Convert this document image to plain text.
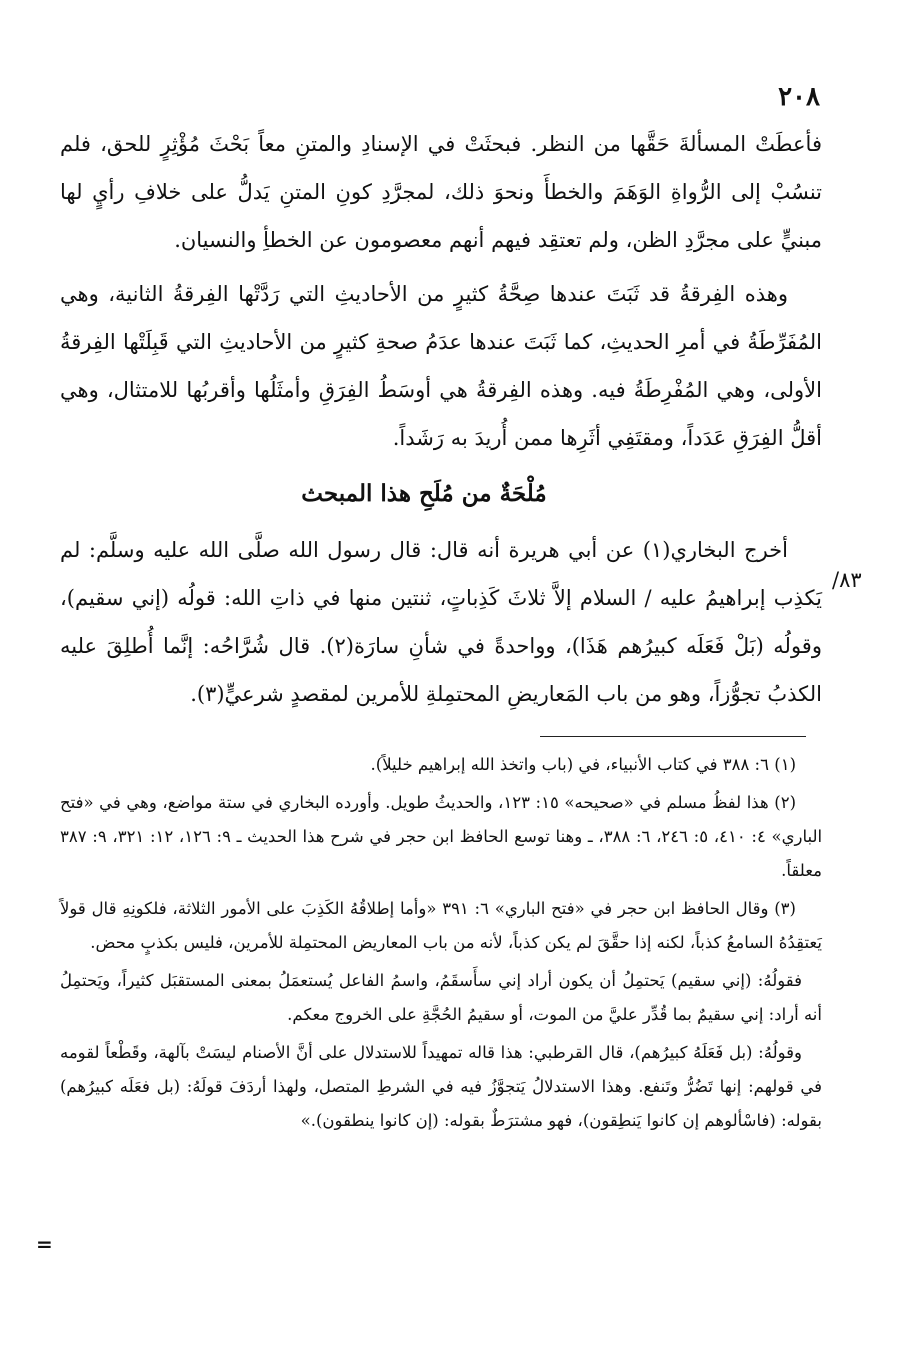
٢٠٨

فأعطَتْ المسألةَ حَقَّها من النظر. فبحثَتْ في الإسنادِ والمتنِ معاً بَحْثَ مُؤْثِرٍ للحق، فلم تنسُبْ إلى الرُّواةِ الوَهَمَ والخطأَ ونحوَ ذلك، لمجرَّدِ كونِ المتنِ يَدلُّ على خلافِ رأيٍ لها مبنيٍّ على مجرَّدِ الظن، ولم تعتقِد فيهم أنهم معصومون عن الخطأِ والنسيان.

وهذه الفِرقةُ قد ثَبَتَ عندها صِحَّةُ كثيرٍ من الأحاديثِ التي رَدَّتْها الفِرقةُ الثانية، وهي المُفَرِّطَةُ في أمرِ الحديثِ، كما ثَبَتَ عندها عدَمُ صحةِ كثيرٍ من الأحاديثِ التي قَبِلَتْها الفِرقةُ الأولى، وهي المُفْرِطَةُ فيه. وهذه الفِرقةُ هي أوسَطُ الفِرَقِ وأمثَلُها وأقربُها للامتثال، وهي أقلُّ الفِرَقِ عَدَداً، ومقتَفِي أثَرِها ممن أُريدَ به رَشَداً.

مُلْحَةٌ من مُلَحِ هذا المبحث

أخرج البخاري(١) عن أبي هريرة أنه قال: قال رسول الله صلَّى الله عليه وسلَّم: لم يَكذِب إبراهيمُ عليه / السلام إلاَّ ثلاثَ كَذِباتٍ، ثنتين منها في ذاتِ الله: قولُه (إني سقيم)، وقولُه (بَلْ فَعَلَه كبيرُهم هَذَا)، وواحدةً في شأنِ سارَة(٢). قال شُرَّاحُه: إنَّما أُطلِقَ عليه الكذبُ تجوُّزاً، وهو من باب المَعاريضِ المحتمِلةِ للأمرين لمقصدٍ شرعيٍّ(٣).

٨٣/

(١) ٦: ٣٨٨ في كتاب الأنبياء، في (باب واتخذ الله إبراهيم خليلاً).

(٢) هذا لفظُ مسلم في «صحيحه» ١٥: ١٢٣، والحديثُ طويل. وأورده البخاري في ستة مواضع، وهي في «فتح الباري» ٤: ٤١٠، ٥: ٢٤٦، ٦: ٣٨٨، ـ وهنا توسع الحافظ ابن حجر في شرح هذا الحديث ـ ٩: ١٢٦، ١٢: ٣٢١، ٩: ٣٨٧ معلقاً.

(٣) وقال الحافظ ابن حجر في «فتح الباري» ٦: ٣٩١ «وأما إطلاقُهُ الكَذِبَ على الأمور الثلاثة، فلكونِهِ قال قولاً يَعتقِدُهُ السامعُ كذباً، لكنه إذا حقَّقَ لم يكن كذباً، لأنه من باب المعاريض المحتمِلة للأمرين، فليس بكذبٍ محض.

فقولُهُ: (إني سقيم) يَحتمِلُ أن يكون أراد إني سأَسقَمُ، واسمُ الفاعل يُستعمَلُ بمعنى المستقبَل كثيراً، ويَحتمِلُ أنه أراد: إني سقيمٌ بما قُدِّر عليَّ من الموت، أو سقيمُ الحُجَّةِ على الخروج معكم.

وقولُهُ: (بل فَعَلَهُ كبيرُهم)، قال القرطبي: هذا قاله تمهيداً للاستدلال على أنَّ الأصنام ليسَتْ بآلهة، وقَطْعاً لقومه في قولهم: إنها تَضُرُّ وتَنفع. وهذا الاستدلالُ يَتجوَّزُ فيه في الشرطِ المتصل، ولهذا أردَفَ قولَهُ: (بل فعَلَه كبيرُهم) بقوله: (فاسْألوهم إن كانوا يَنطِقون)، فهو مشترَطٌ بقوله: (إن كانوا ينطقون).»

=
